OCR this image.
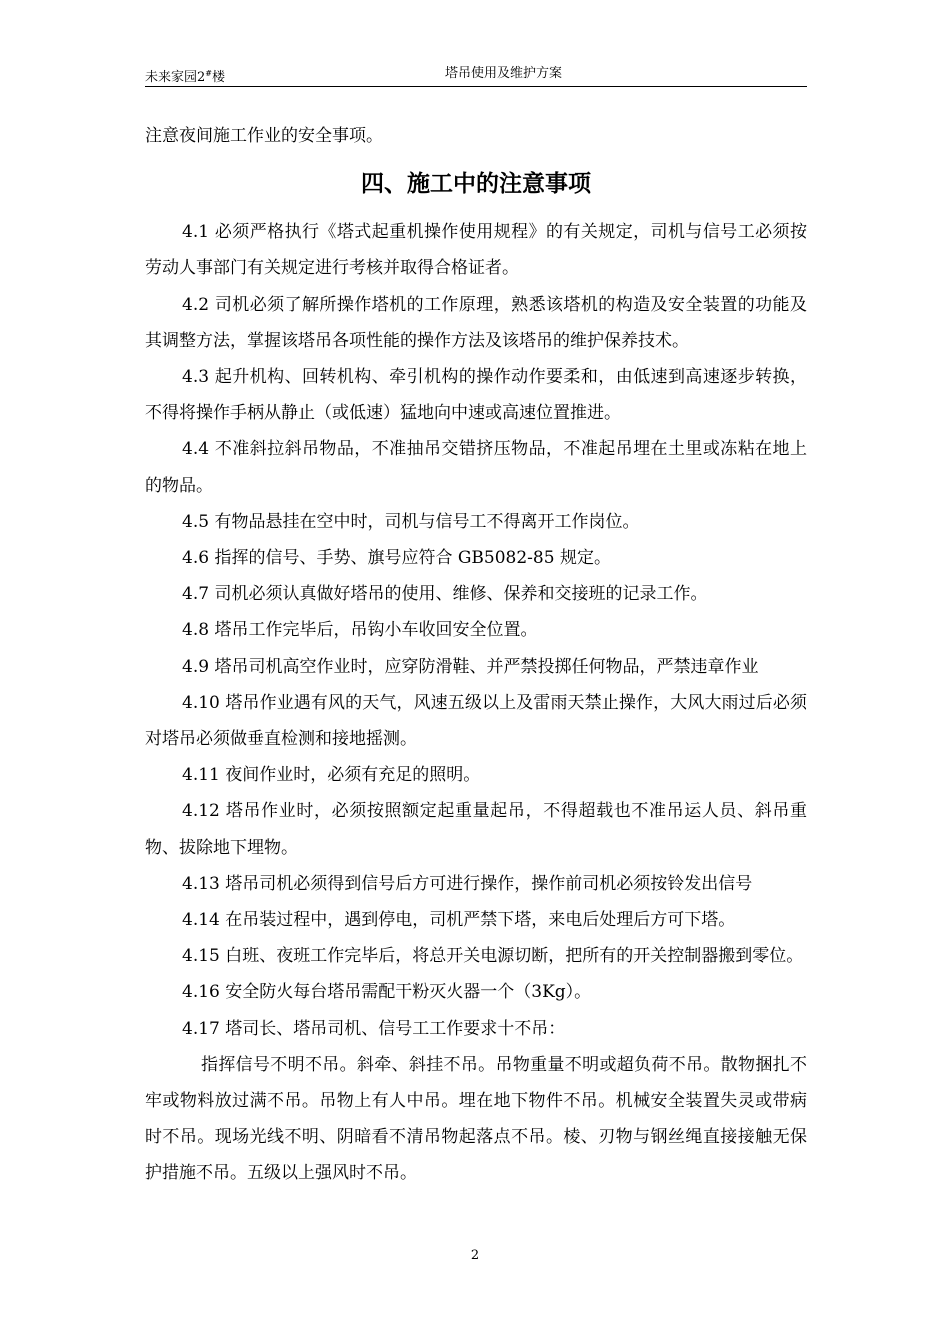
未来家园2#楼	塔吊使用及维护方案

注意夜间施工作业的安全事项。

四、施工中的注意事项

4.1 必须严格执行《塔式起重机操作使用规程》的有关规定，司机与信号工必须按劳动人事部门有关规定进行考核并取得合格证者。

4.2 司机必须了解所操作塔机的工作原理，熟悉该塔机的构造及安全装置的功能及其调整方法，掌握该塔吊各项性能的操作方法及该塔吊的维护保养技术。

4.3 起升机构、回转机构、牵引机构的操作动作要柔和，由低速到高速逐步转换，不得将操作手柄从静止（或低速）猛地向中速或高速位置推进。

4.4 不准斜拉斜吊物品，不准抽吊交错挤压物品，不准起吊埋在土里或冻粘在地上的物品。

4.5 有物品悬挂在空中时，司机与信号工不得离开工作岗位。

4.6 指挥的信号、手势、旗号应符合 GB5082-85 规定。

4.7 司机必须认真做好塔吊的使用、维修、保养和交接班的记录工作。

4.8 塔吊工作完毕后，吊钩小车收回安全位置。

4.9 塔吊司机高空作业时，应穿防滑鞋、并严禁投掷任何物品，严禁违章作业

4.10 塔吊作业遇有风的天气，风速五级以上及雷雨天禁止操作，大风大雨过后必须对塔吊必须做垂直检测和接地摇测。

4.11 夜间作业时，必须有充足的照明。

4.12 塔吊作业时，必须按照额定起重量起吊，不得超载也不准吊运人员、斜吊重物、拔除地下埋物。

4.13 塔吊司机必须得到信号后方可进行操作，操作前司机必须按铃发出信号

4.14 在吊装过程中，遇到停电，司机严禁下塔，来电后处理后方可下塔。

4.15 白班、夜班工作完毕后，将总开关电源切断，把所有的开关控制器搬到零位。

4.16 安全防火每台塔吊需配干粉灭火器一个（3Kg）。

4.17 塔司长、塔吊司机、信号工工作要求十不吊：

指挥信号不明不吊。斜牵、斜挂不吊。吊物重量不明或超负荷不吊。散物捆扎不牢或物料放过满不吊。吊物上有人中吊。埋在地下物件不吊。机械安全装置失灵或带病时不吊。现场光线不明、阴暗看不清吊物起落点不吊。棱、刃物与钢丝绳直接接触无保护措施不吊。五级以上强风时不吊。

2
